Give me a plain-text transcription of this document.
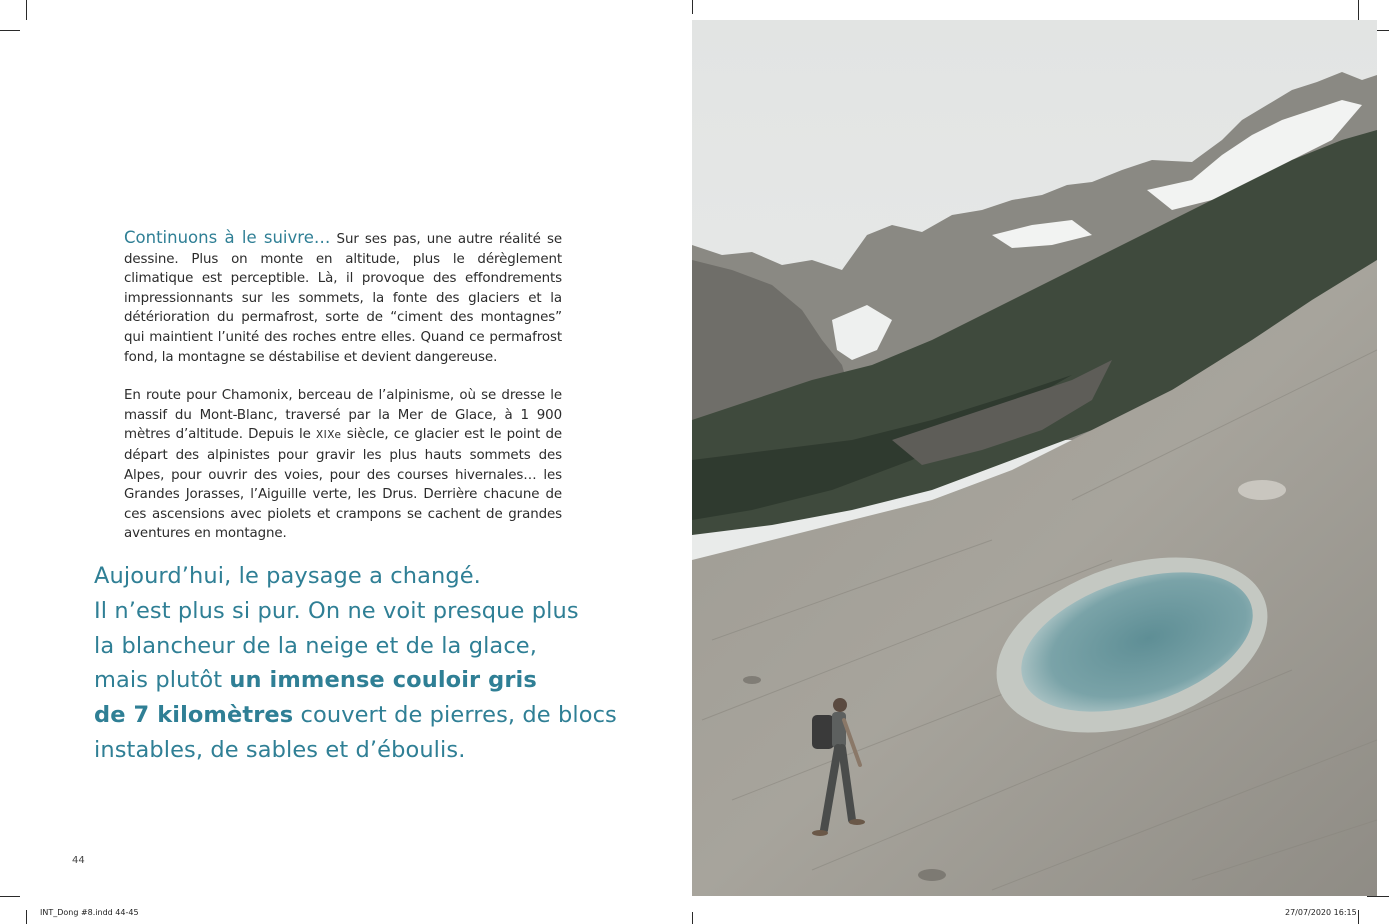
Continuons à le suivre… Sur ses pas, une autre réalité se dessine. Plus on monte en altitude, plus le dérèglement climatique est perceptible. Là, il provoque des effondrements impressionnants sur les sommets, la fonte des glaciers et la détérioration du permafrost, sorte de “ciment des montagnes” qui maintient l’unité des roches entre elles. Quand ce permafrost fond, la montagne se déstabilise et devient dangereuse.

En route pour Chamonix, berceau de l’alpinisme, où se dresse le massif du Mont-Blanc, traversé par la Mer de Glace, à 1 900 mètres d’altitude. Depuis le XIXe siècle, ce glacier est le point de départ des alpinistes pour gravir les plus hauts sommets des Alpes, pour ouvrir des voies, pour des courses hivernales… les Grandes Jorasses, l’Aiguille verte, les Drus. Derrière chacune de ces ascensions avec piolets et crampons se cachent de grandes aventures en montagne.

Aujourd’hui, le paysage a changé.
Il n’est plus si pur. On ne voit presque plus
la blancheur de la neige et de la glace,
mais plutôt un immense couloir gris
de 7 kilomètres couvert de pierres, de blocs
instables, de sables et d’éboulis.
44
INT_Dong #8.indd 44-45	27/07/2020 16:15
